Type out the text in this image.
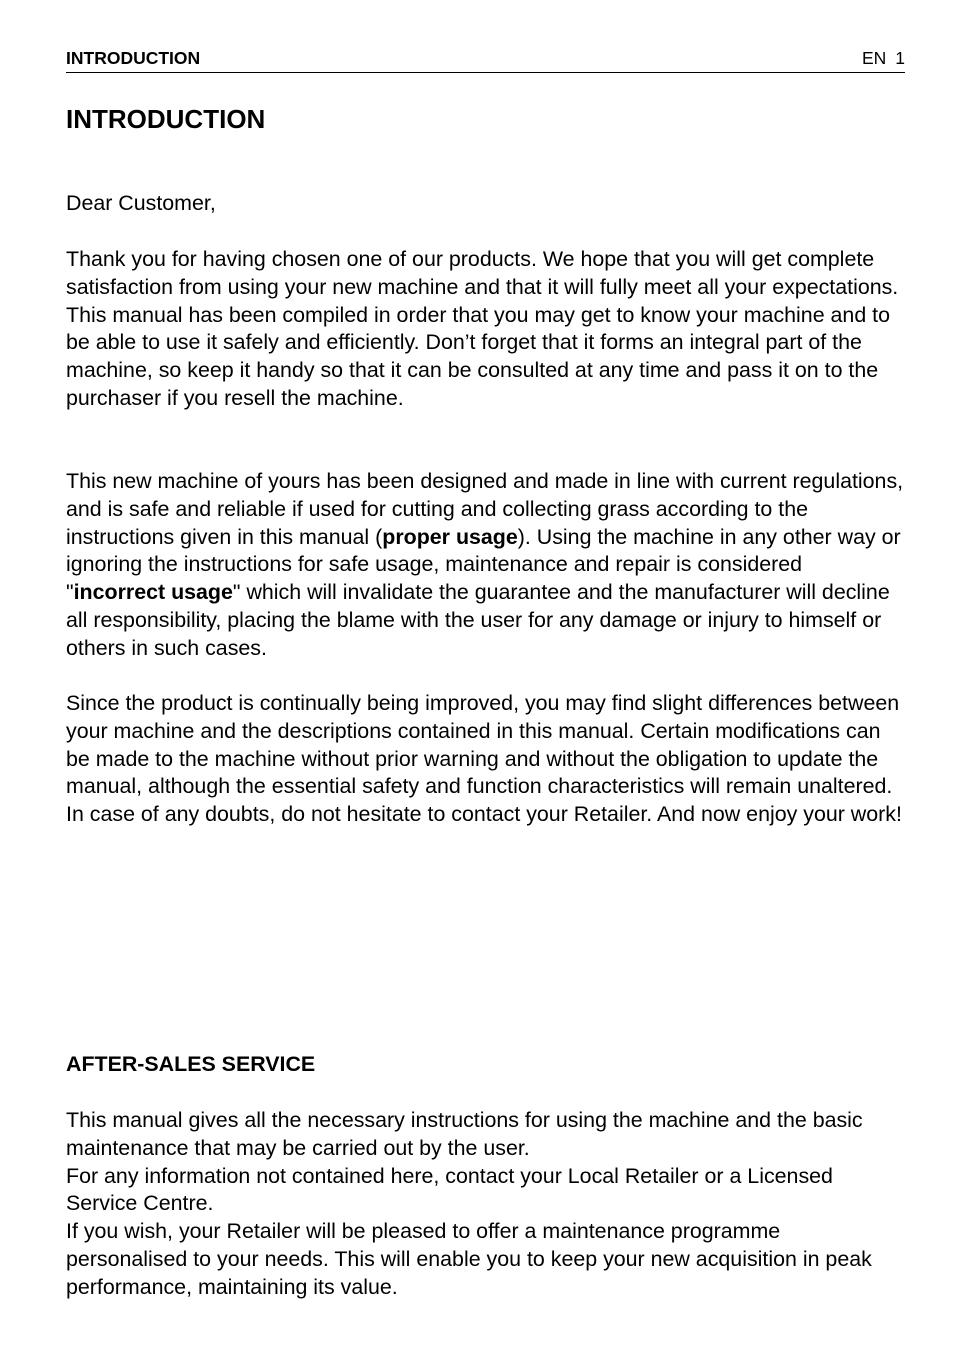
INTRODUCTION	EN 1
INTRODUCTION

Dear Customer,

Thank you for having chosen one of our products. We hope that you will get complete satisfaction from using your new machine and that it will fully meet all your expectations.
This manual has been compiled in order that you may get to know your machine and to be able to use it safely and efficiently. Don’t forget that it forms an integral part of the machine, so keep it handy so that it can be consulted at any time and pass it on to the purchaser if you resell the machine.

This new machine of yours has been designed and made in line with current regulations, and is safe and reliable if used for cutting and collecting grass according to the instructions given in this manual (proper usage). Using the machine in any other way or ignoring the instructions for safe usage, maintenance and repair is considered "incorrect usage" which will invalidate the guarantee and the manufacturer will decline all responsibility, placing the blame with the user for any damage or injury to himself or others in such cases.

Since the product is continually being improved, you may find slight differences between your machine and the descriptions contained in this manual. Certain modifications can be made to the machine without prior warning and without the obligation to update the manual, although the essential safety and function characteristics will remain unaltered. In case of any doubts, do not hesitate to contact your Retailer. And now enjoy your work!

AFTER-SALES SERVICE

This manual gives all the necessary instructions for using the machine and the basic maintenance that may be carried out by the user.
For any information not contained here, contact your Local Retailer or a Licensed Service Centre.
If you wish, your Retailer will be pleased to offer a maintenance programme personalised to your needs. This will enable you to keep your new acquisition in peak performance, maintaining its value.
